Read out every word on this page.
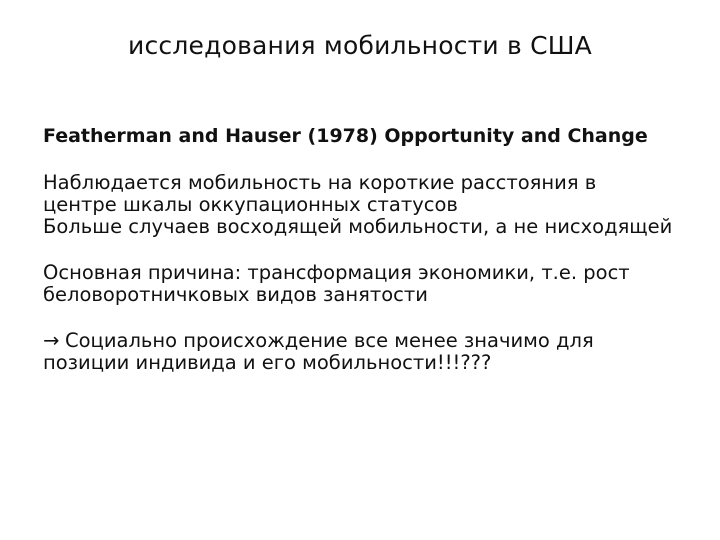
исследования мобильности в США

Featherman and Hauser (1978) Opportunity and Change

Наблюдается мобильность на короткие расстояния в центре шкалы оккупационных статусов

Больше случаев восходящей мобильности, а не нисходящей

Основная причина: трансформация экономики, т.е. рост беловоротничковых видов занятости

→ Социально происхождение все менее значимо для позиции индивида и его мобильности!!!???
